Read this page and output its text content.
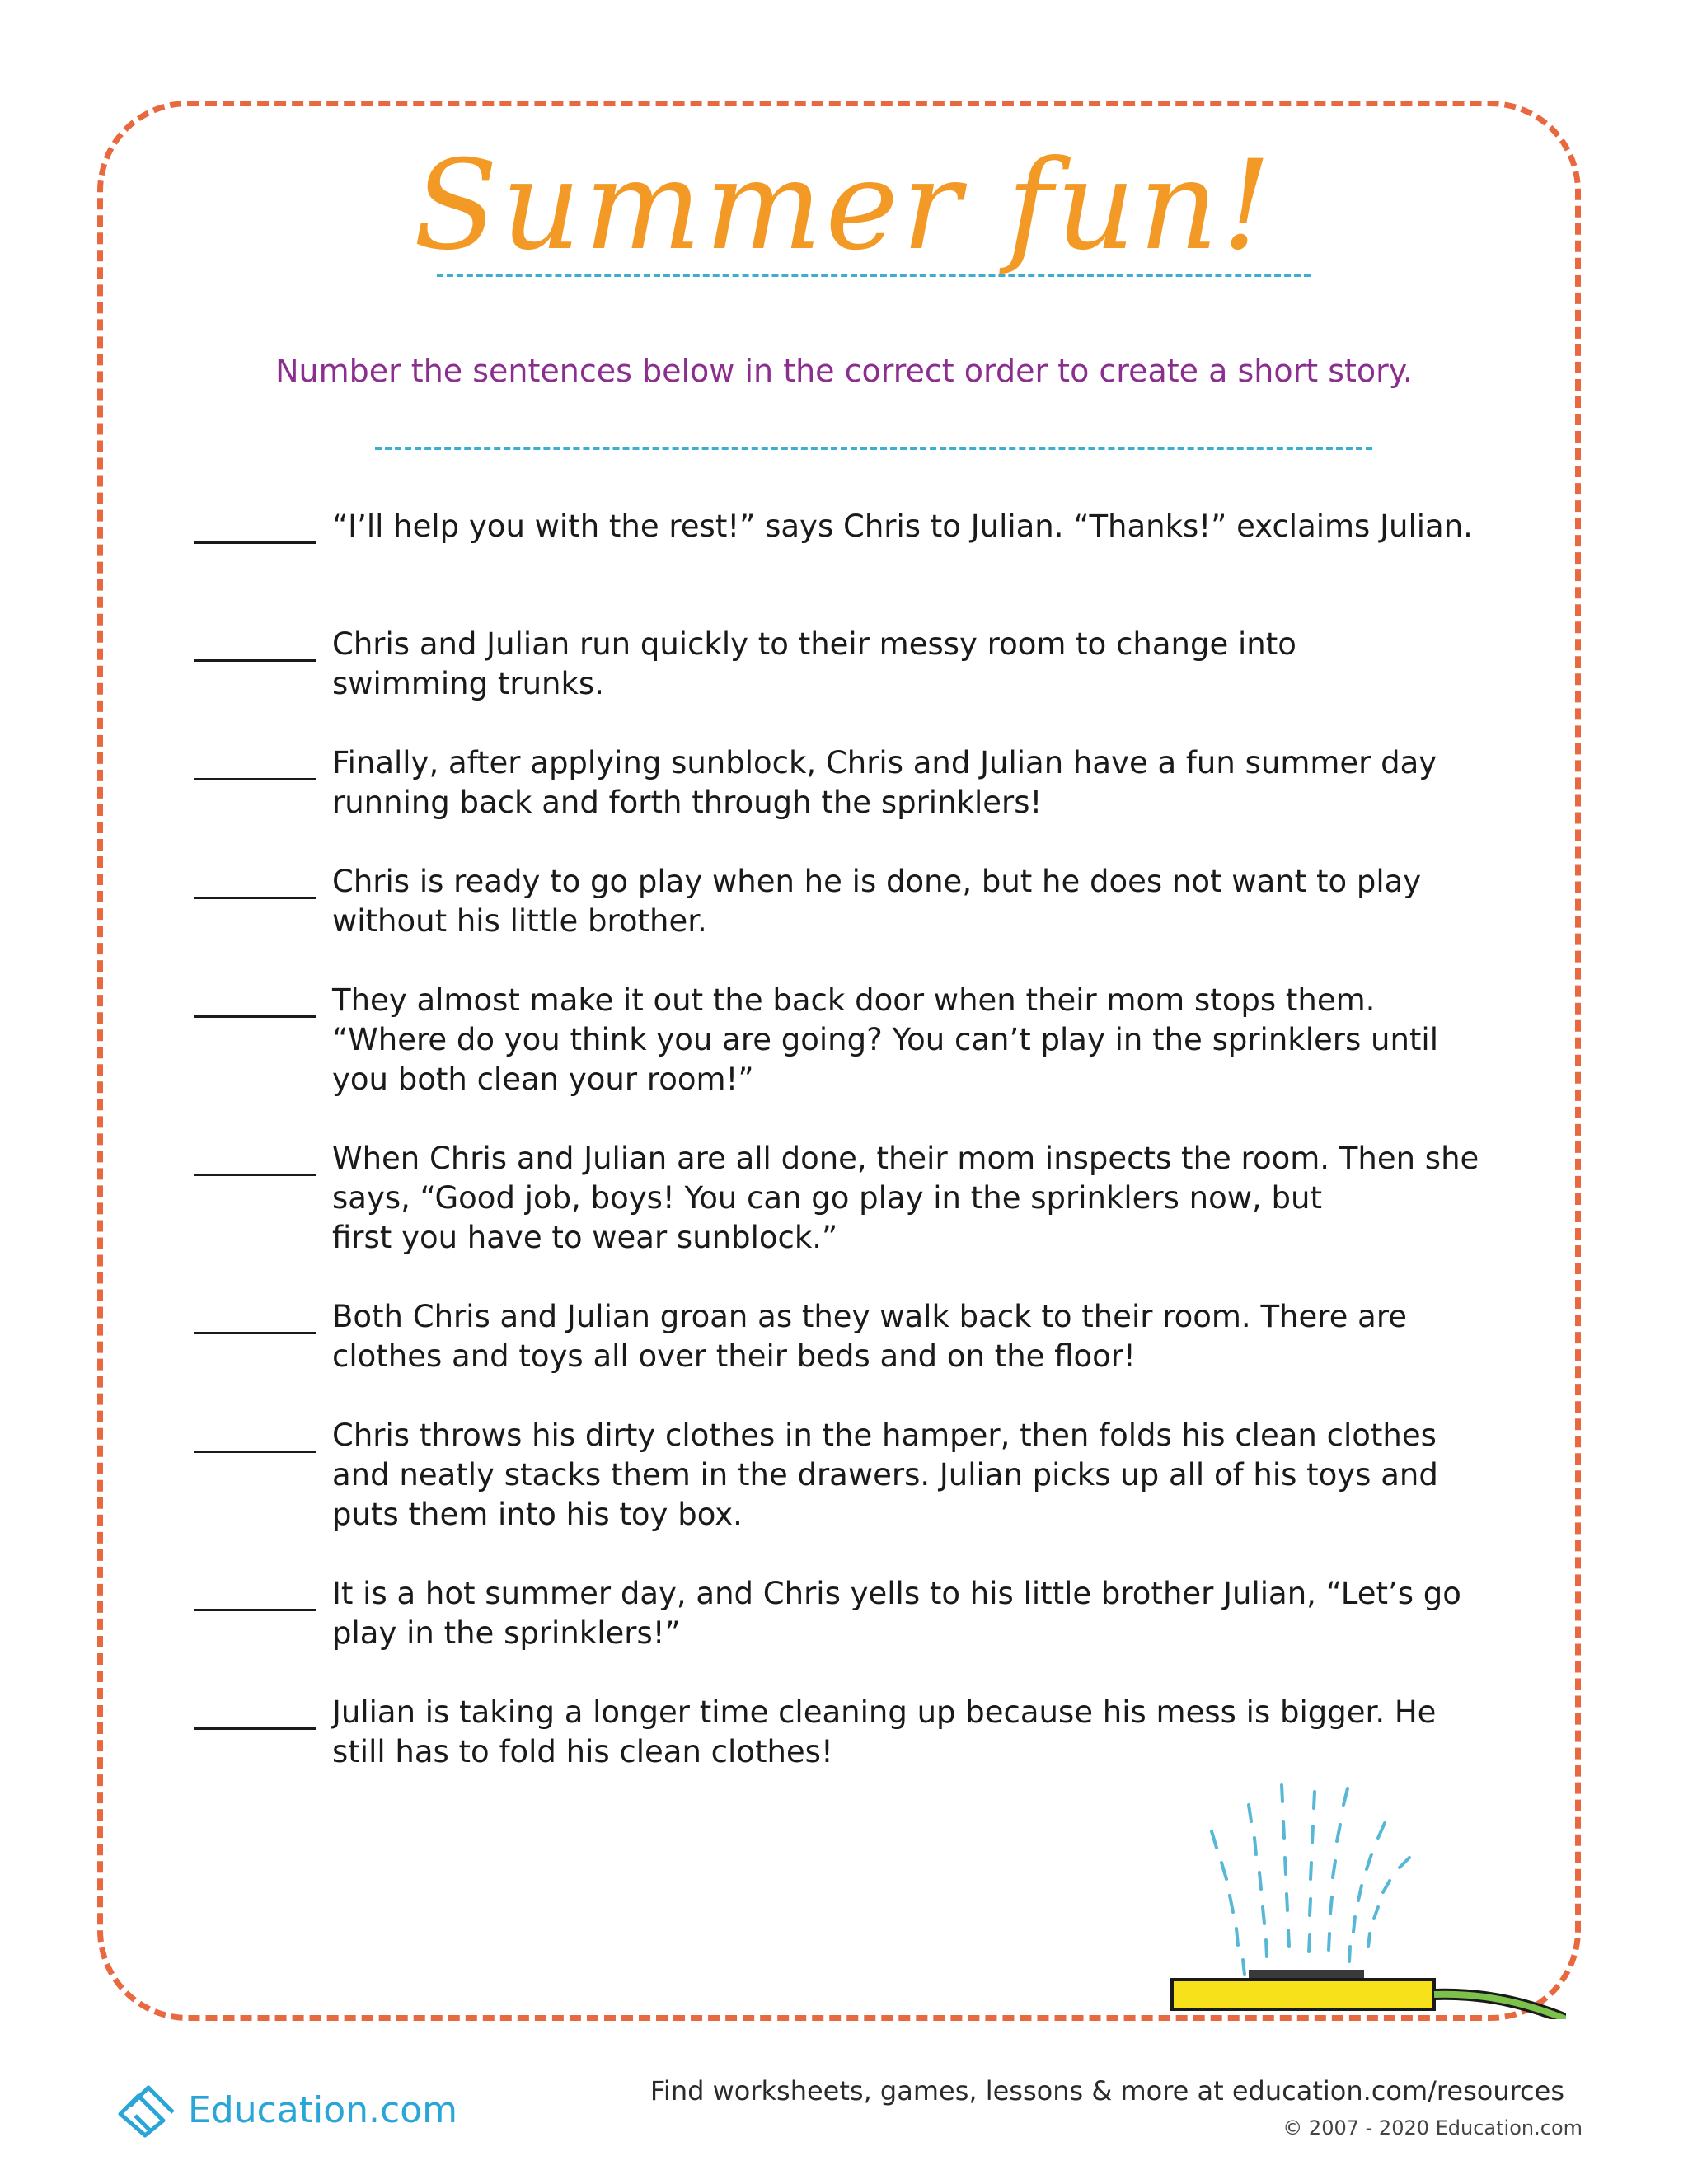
Summer fun!
Number the sentences below in the correct order to create a short story.
“I’ll help you with the rest!” says Chris to Julian. “Thanks!” exclaims Julian.
Chris and Julian run quickly to their messy room to change into
swimming trunks.
Finally, after applying sunblock, Chris and Julian have a fun summer day
running back and forth through the sprinklers!
Chris is ready to go play when he is done, but he does not want to play
without his little brother.
They almost make it out the back door when their mom stops them.
“Where do you think you are going? You can’t play in the sprinklers until
you both clean your room!”
When Chris and Julian are all done, their mom inspects the room. Then she
says, “Good job, boys! You can go play in the sprinklers now, but
first you have to wear sunblock.”
Both Chris and Julian groan as they walk back to their room. There are
clothes and toys all over their beds and on the floor!
Chris throws his dirty clothes in the hamper, then folds his clean clothes
and neatly stacks them in the drawers. Julian picks up all of his toys and
puts them into his toy box.
It is a hot summer day, and Chris yells to his little brother Julian, “Let’s go
play in the sprinklers!”
Julian is taking a longer time cleaning up because his mess is bigger. He
still has to fold his clean clothes!
Education.com	Find worksheets, games, lessons & more at education.com/resources
© 2007 - 2020 Education.com
